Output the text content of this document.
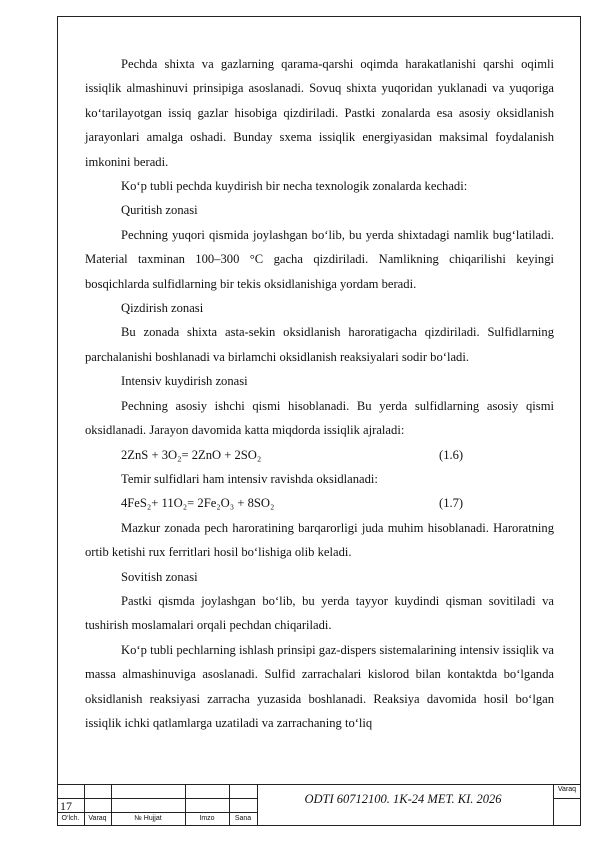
Pechda shixta va gazlarning qarama-qarshi oqimda harakatlanishi qarshi oqimli issiqlik almashinuvi prinsipiga asoslanadi. Sovuq shixta yuqoridan yuklanadi va yuqoriga ko‘tarilayotgan issiq gazlar hisobiga qizdiriladi. Pastki zonalarda esa asosiy oksidlanish jarayonlari amalga oshadi. Bunday sxema issiqlik energiyasidan maksimal foydalanish imkonini beradi.

Ko‘p tubli pechda kuydirish bir necha texnologik zonalarda kechadi:

Quritish zonasi

Pechning yuqori qismida joylashgan bo‘lib, bu yerda shixtadagi namlik bug‘latiladi. Material taxminan 100–300 °C gacha qizdiriladi. Namlikning chiqarilishi keyingi bosqichlarda sulfidlarning bir tekis oksidlanishiga yordam beradi.

Qizdirish zonasi

Bu zonada shixta asta-sekin oksidlanish haroratigacha qizdiriladi. Sulfidlarning parchalanishi boshlanadi va birlamchi oksidlanish reaksiyalari sodir bo‘ladi.

Intensiv kuydirish zonasi

Pechning asosiy ishchi qismi hisoblanadi. Bu yerda sulfidlarning asosiy qismi oksidlanadi. Jarayon davomida katta miqdorda issiqlik ajraladi:

2ZnS + 3O₂= 2ZnO + 2SO₂	(1.6)

Temir sulfidlari ham intensiv ravishda oksidlanadi:

4FeS₂+ 11O₂= 2Fe₂O₃ + 8SO₂	(1.7)

Mazkur zonada pech haroratining barqarorligi juda muhim hisoblanadi. Haroratning ortib ketishi rux ferritlari hosil bo‘lishiga olib keladi.

Sovitish zonasi

Pastki qismda joylashgan bo‘lib, bu yerda tayyor kuydindi qisman sovitiladi va tushirish moslamalari orqali pechdan chiqariladi.

Ko‘p tubli pechlarning ishlash prinsipi gaz-dispers sistemalarining intensiv issiqlik va massa almashinuviga asoslanadi. Sulfid zarrachalari kislorod bilan kontaktda bo‘lganda oksidlanish reaksiyasi zarracha yuzasida boshlanadi. Reaksiya davomida hosil bo‘lgan issiqlik ichki qatlamlarga uzatiladi va zarrachaning to‘liq

17	ODTI 60712100. 1K-24 MET. KI. 2026
Varaq
O‘lch.	Varaq	№ Hujjat	Imzo	Sana
